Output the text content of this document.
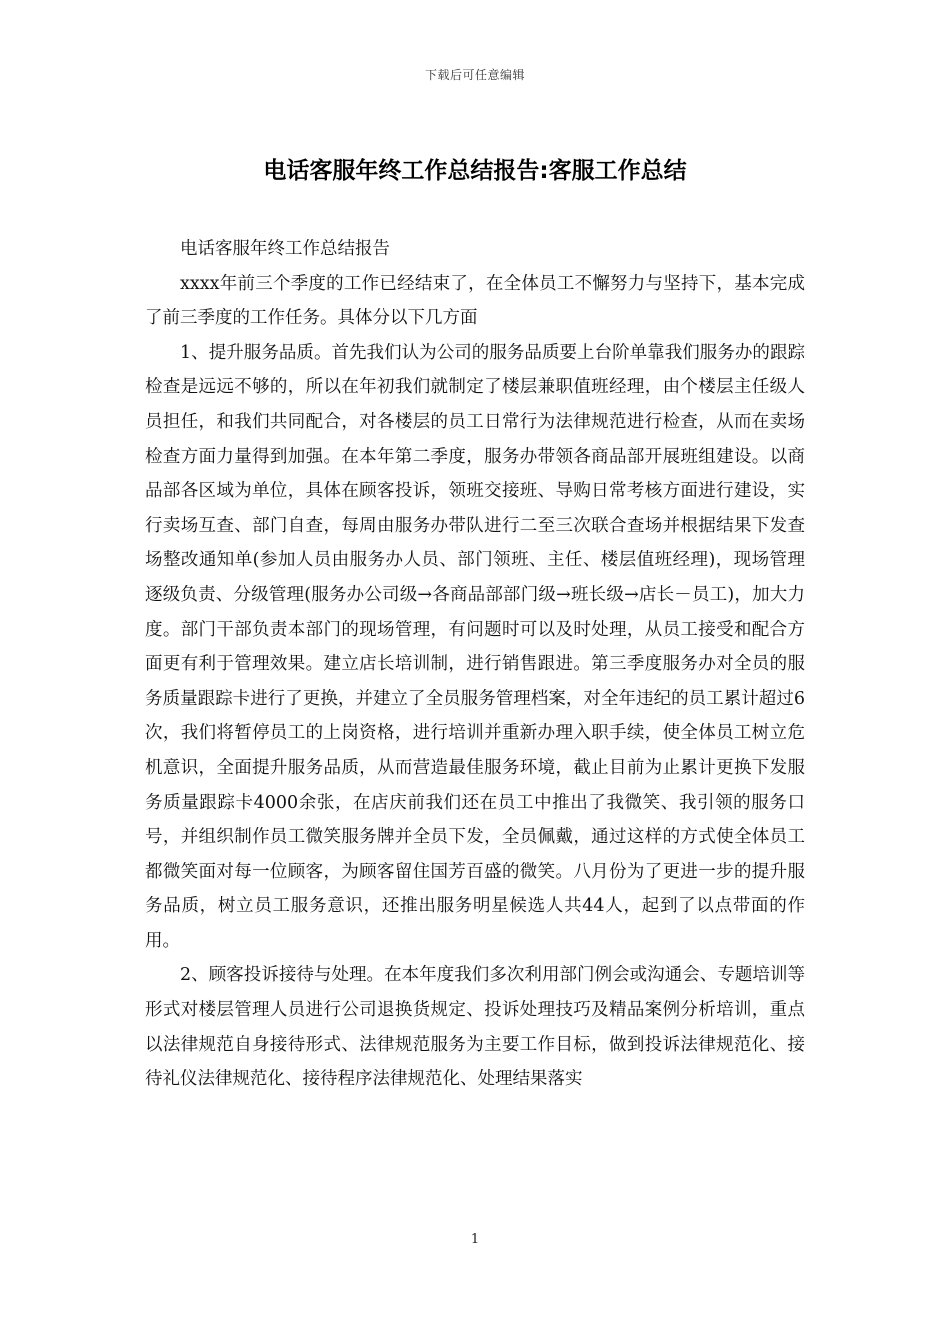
下载后可任意编辑
电话客服年终工作总结报告:客服工作总结

电话客服年终工作总结报告

xxxx年前三个季度的工作已经结束了，在全体员工不懈努力与坚持下，基本完成了前三季度的工作任务。具体分以下几方面

1、提升服务品质。首先我们认为公司的服务品质要上台阶单靠我们服务办的跟踪检查是远远不够的，所以在年初我们就制定了楼层兼职值班经理，由个楼层主任级人员担任，和我们共同配合，对各楼层的员工日常行为法律规范进行检查，从而在卖场检查方面力量得到加强。在本年第二季度，服务办带领各商品部开展班组建设。以商品部各区域为单位，具体在顾客投诉，领班交接班、导购日常考核方面进行建设，实行卖场互查、部门自查，每周由服务办带队进行二至三次联合查场并根据结果下发查场整改通知单(参加人员由服务办人员、部门领班、主任、楼层值班经理)，现场管理逐级负责、分级管理(服务办公司级→各商品部部门级→班长级→店长－员工)，加大力度。部门干部负责本部门的现场管理，有问题时可以及时处理，从员工接受和配合方面更有利于管理效果。建立店长培训制，进行销售跟进。第三季度服务办对全员的服务质量跟踪卡进行了更换，并建立了全员服务管理档案，对全年违纪的员工累计超过6次，我们将暂停员工的上岗资格，进行培训并重新办理入职手续，使全体员工树立危机意识，全面提升服务品质，从而营造最佳服务环境，截止目前为止累计更换下发服务质量跟踪卡4000余张，在店庆前我们还在员工中推出了我微笑、我引领的服务口号，并组织制作员工微笑服务牌并全员下发，全员佩戴，通过这样的方式使全体员工都微笑面对每一位顾客，为顾客留住国芳百盛的微笑。八月份为了更进一步的提升服务品质，树立员工服务意识，还推出服务明星候选人共44人，起到了以点带面的作用。

2、顾客投诉接待与处理。在本年度我们多次利用部门例会或沟通会、专题培训等形式对楼层管理人员进行公司退换货规定、投诉处理技巧及精品案例分析培训，重点以法律规范自身接待形式、法律规范服务为主要工作目标，做到投诉法律规范化、接待礼仪法律规范化、接待程序法律规范化、处理结果落实

1
